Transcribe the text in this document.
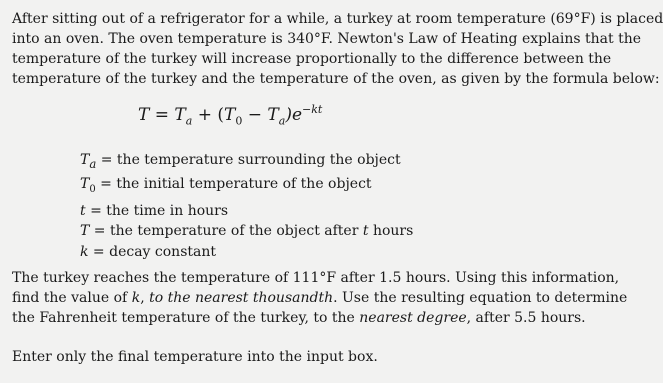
After sitting out of a refrigerator for a while, a turkey at room temperature (69°F) is placed
into an oven. The oven temperature is 340°F. Newton's Law of Heating explains that the
temperature of the turkey will increase proportionally to the difference between the
temperature of the turkey and the temperature of the oven, as given by the formula below:
$T = T_a + (T_0 - T_a)e^{-kt}$
$T_a$ = the temperature surrounding the object
$T_0$ = the initial temperature of the object
t = the time in hours
T = the temperature of the object after t hours
k = decay constant
The turkey reaches the temperature of 111°F after 1.5 hours. Using this information,
find the value of k, to the nearest thousandth. Use the resulting equation to determine
the Fahrenheit temperature of the turkey, to the nearest degree, after 5.5 hours.
Enter only the final temperature into the input box.
